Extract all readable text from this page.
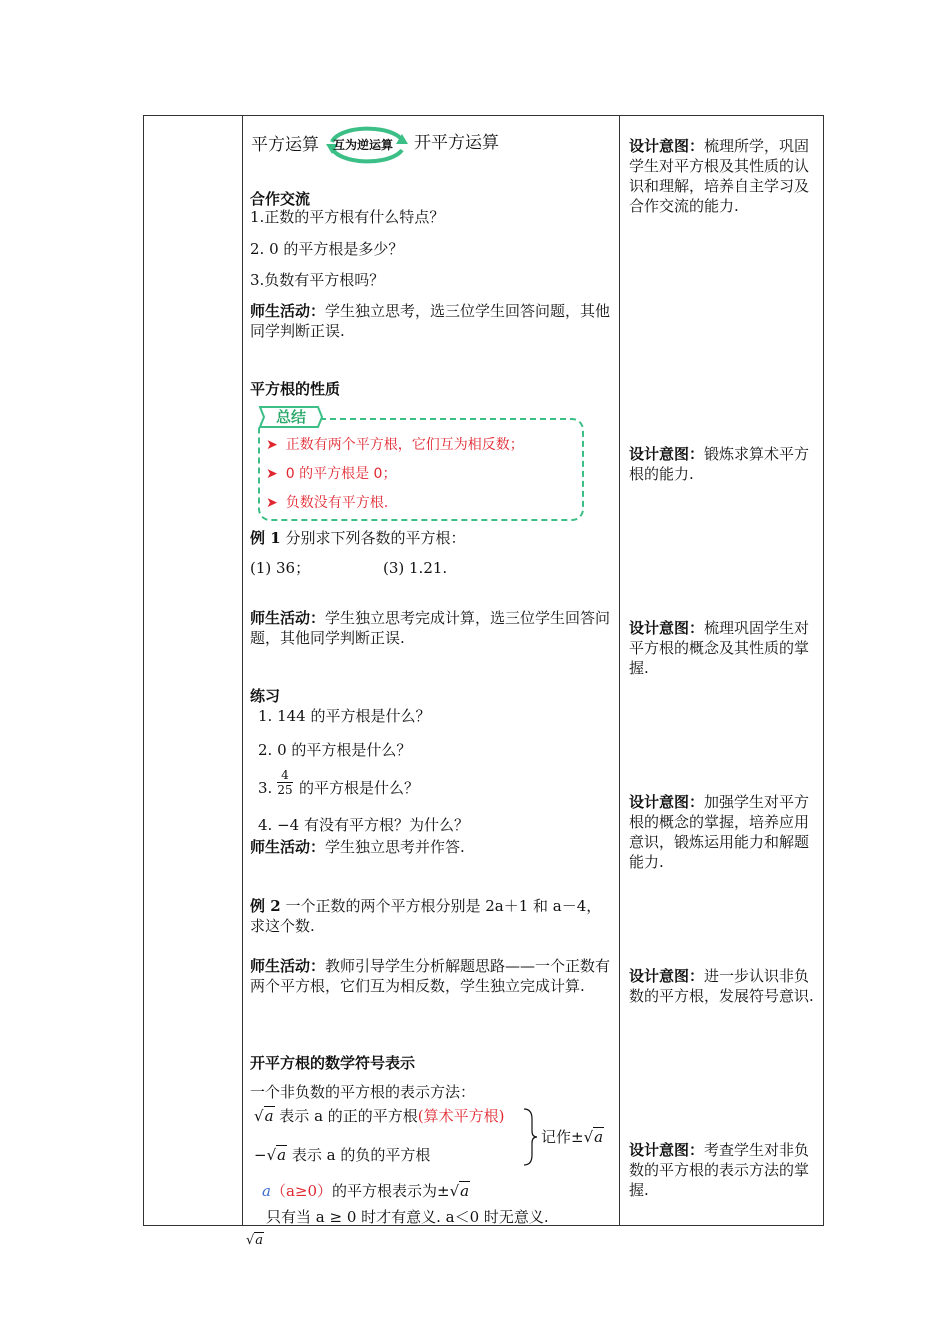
平方运算 互为逆运算 开平方运算
合作交流
1.正数的平方根有什么特点？
2. 0 的平方根是多少？
3.负数有平方根吗？
师生活动：学生独立思考，选三位学生回答问题，其他同学判断正误.
平方根的性质
总结
➤ 正数有两个平方根，它们互为相反数；
➤ 0 的平方根是 0；
➤ 负数没有平方根.
例 1 分别求下列各数的平方根：
(1) 36；	(3) 1.21.
师生活动：学生独立思考完成计算，选三位学生回答问题，其他同学判断正误.
练习
1. 144 的平方根是什么？
2. 0 的平方根是什么？
3.
4
25 的平方根是什么？
4. −4 有没有平方根？为什么？
师生活动：学生独立思考并作答.
例 2 一个正数的两个平方根分别是 2a＋1 和 a－4，求这个数.
师生活动：教师引导学生分析解题思路——一个正数有两个平方根，它们互为相反数，学生独立完成计算.
开平方根的数学符号表示
一个非负数的平方根的表示方法：
√a 表示 a 的正的平方根(算术平方根)
−√a 表示 a 的负的平方根
记作±√a
a（a≥0）的平方根表示为±√a
只有当 a ≥ 0 时才有意义. a＜0 时无意义.
√a
设计意图：梳理所学，巩固学生对平方根及其性质的认识和理解，培养自主学习及合作交流的能力.
设计意图：锻炼求算术平方根的能力.
设计意图：梳理巩固学生对平方根的概念及其性质的掌握.
设计意图：加强学生对平方根的概念的掌握，培养应用意识，锻炼运用能力和解题能力.
设计意图：进一步认识非负数的平方根，发展符号意识.
设计意图：考查学生对非负数的平方根的表示方法的掌握.
